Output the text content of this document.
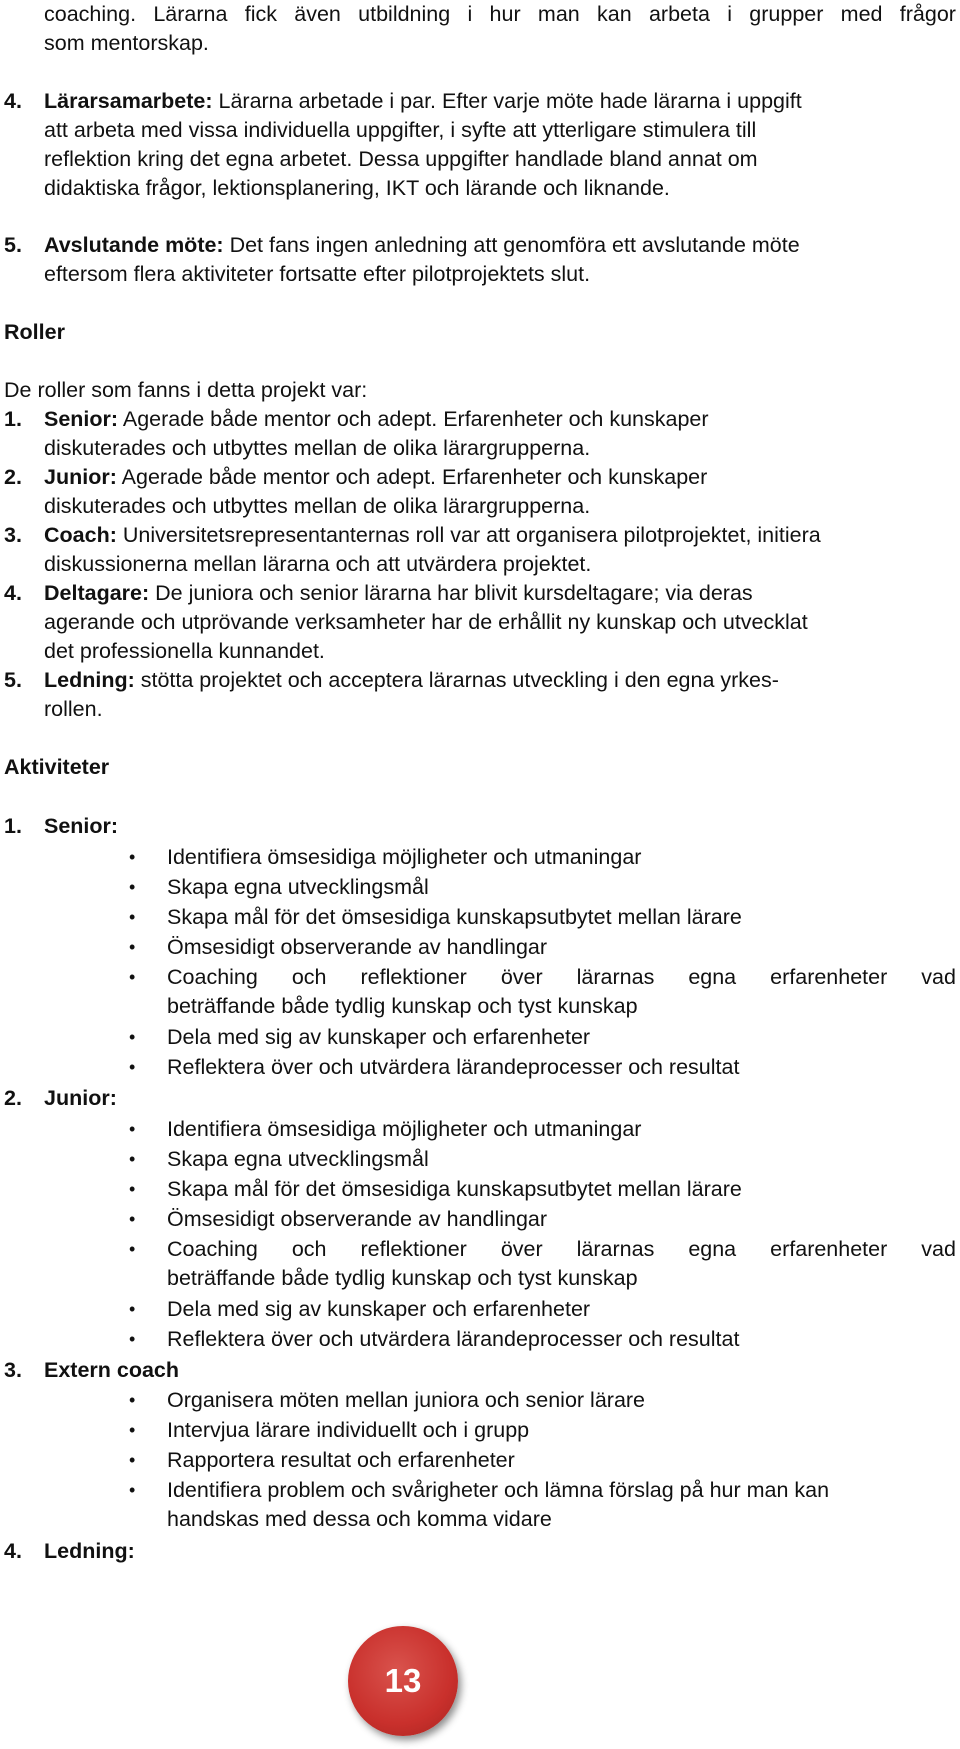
coaching. Lärarna fick även utbildning i hur man kan arbeta i grupper med frågor
som mentorskap.
4. Lärarsamarbete: Lärarna arbetade i par. Efter varje möte hade lärarna i uppgift
att arbeta med vissa individuella uppgifter, i syfte att ytterligare stimulera till
reflektion kring det egna arbetet. Dessa uppgifter handlade bland annat om
didaktiska frågor, lektionsplanering, IKT och lärande och liknande.
5. Avslutande möte: Det fans ingen anledning att genomföra ett avslutande möte
eftersom flera aktiviteter fortsatte efter pilotprojektets slut.
Roller
De roller som fanns i detta projekt var:
1. Senior: Agerade både mentor och adept. Erfarenheter och kunskaper
diskuterades och utbyttes mellan de olika lärargrupperna.
2. Junior: Agerade både mentor och adept. Erfarenheter och kunskaper
diskuterades och utbyttes mellan de olika lärargrupperna.
3. Coach: Universitetsrepresentanternas roll var att organisera pilotprojektet, initiera
diskussionerna mellan lärarna och att utvärdera projektet.
4. Deltagare: De juniora och senior lärarna har blivit kursdeltagare; via deras
agerande och utprövande verksamheter har de erhållit ny kunskap och utvecklat
det professionella kunnandet.
5. Ledning: stötta projektet och acceptera lärarnas utveckling i den egna yrkes-
rollen.
Aktiviteter
1. Senior:
• Identifiera ömsesidiga möjligheter och utmaningar
• Skapa egna utvecklingsmål
• Skapa mål för det ömsesidiga kunskapsutbytet mellan lärare
• Ömsesidigt observerande av handlingar
• Coaching och reflektioner över lärarnas egna erfarenheter vad
beträffande både tydlig kunskap och tyst kunskap
• Dela med sig av kunskaper och erfarenheter
• Reflektera över och utvärdera lärandeprocesser och resultat
2. Junior:
• Identifiera ömsesidiga möjligheter och utmaningar
• Skapa egna utvecklingsmål
• Skapa mål för det ömsesidiga kunskapsutbytet mellan lärare
• Ömsesidigt observerande av handlingar
• Coaching och reflektioner över lärarnas egna erfarenheter vad
beträffande både tydlig kunskap och tyst kunskap
• Dela med sig av kunskaper och erfarenheter
• Reflektera över och utvärdera lärandeprocesser och resultat
3. Extern coach
• Organisera möten mellan juniora och senior lärare
• Intervjua lärare individuellt och i grupp
• Rapportera resultat och erfarenheter
• Identifiera problem och svårigheter och lämna förslag på hur man kan
handskas med dessa och komma vidare
4. Ledning:
13
